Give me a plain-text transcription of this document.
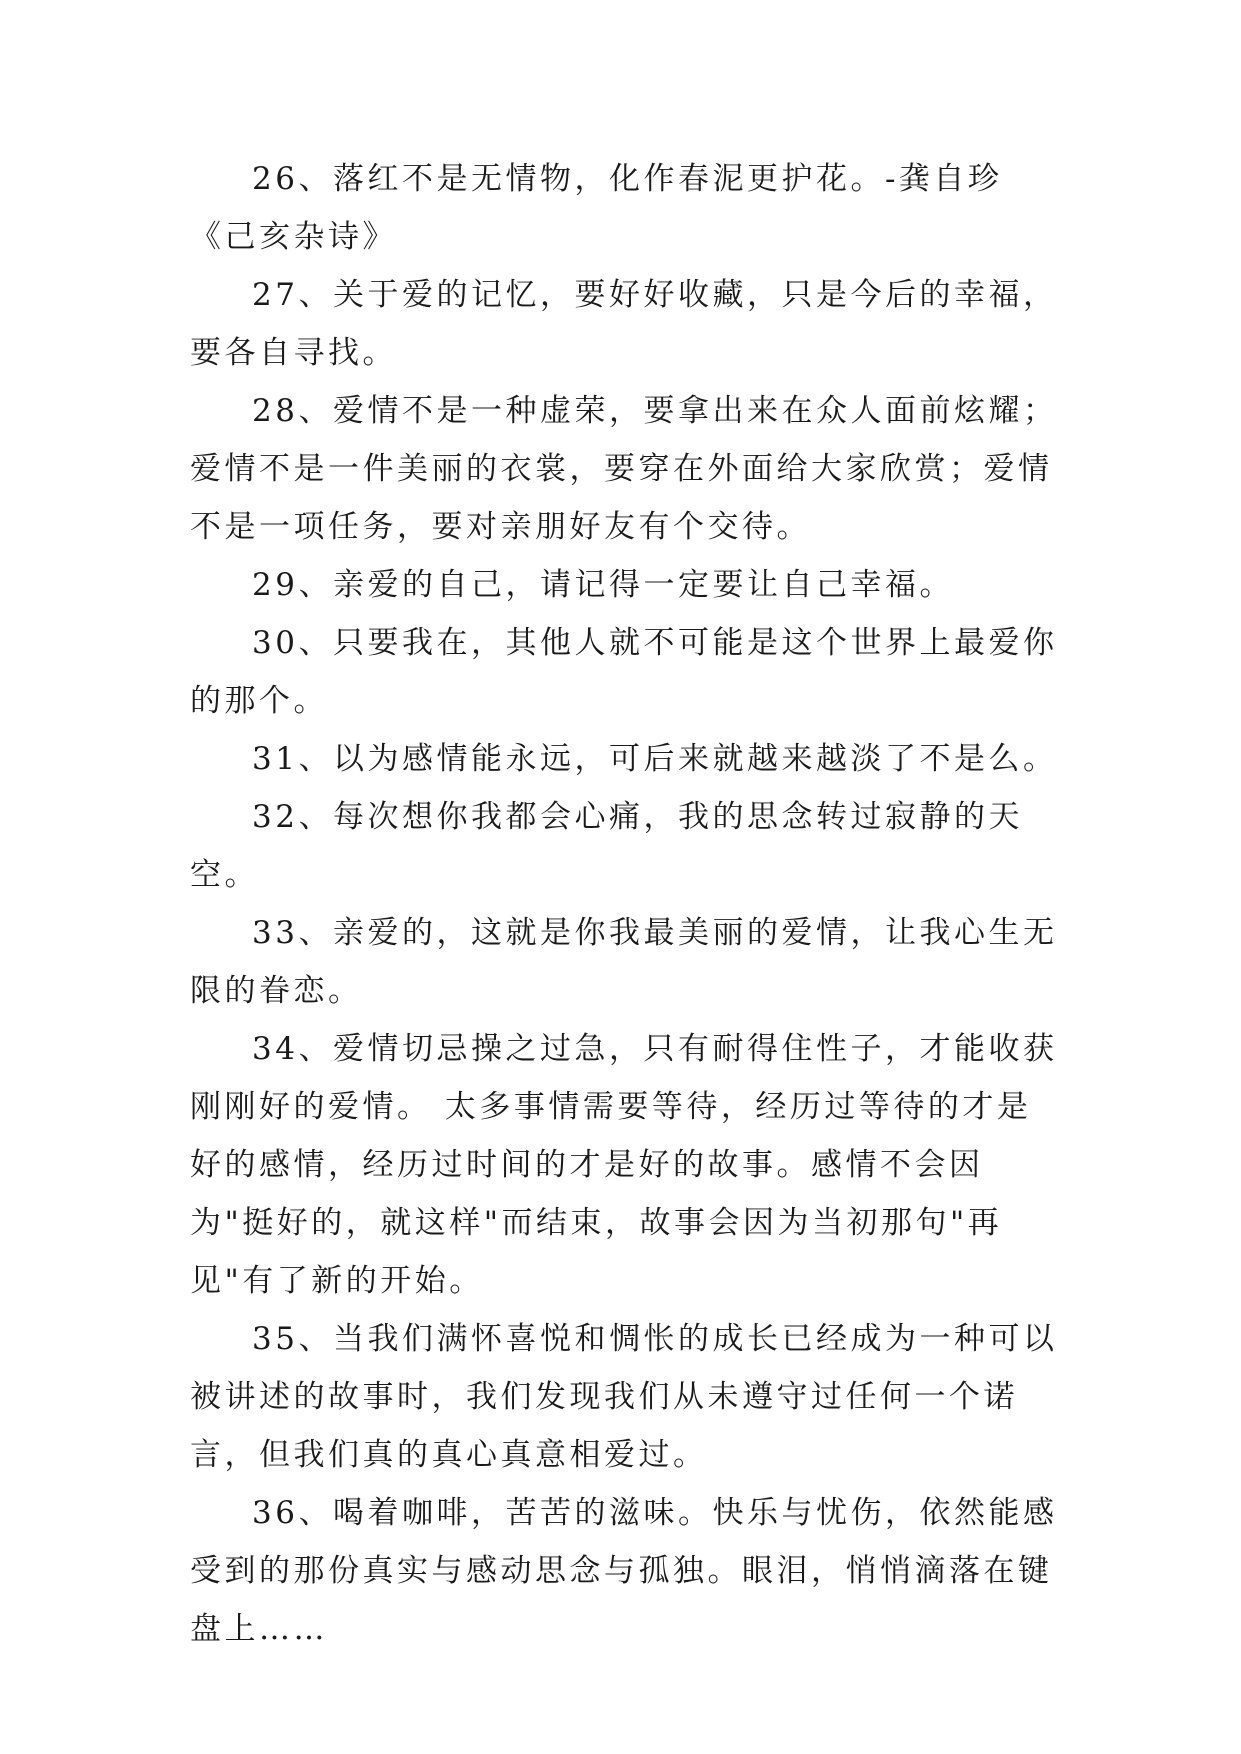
26、落红不是无情物，化作春泥更护花。-龚自珍《己亥杂诗》

27、关于爱的记忆，要好好收藏，只是今后的幸福，要各自寻找。

28、爱情不是一种虚荣，要拿出来在众人面前炫耀；爱情不是一件美丽的衣裳，要穿在外面给大家欣赏；爱情不是一项任务，要对亲朋好友有个交待。

29、亲爱的自己，请记得一定要让自己幸福。

30、只要我在，其他人就不可能是这个世界上最爱你的那个。

31、以为感情能永远，可后来就越来越淡了不是么。

32、每次想你我都会心痛，我的思念转过寂静的天空。

33、亲爱的，这就是你我最美丽的爱情，让我心生无限的眷恋。

34、爱情切忌操之过急，只有耐得住性子，才能收获刚刚好的爱情。 太多事情需要等待，经历过等待的才是好的感情，经历过时间的才是好的故事。感情不会因为"挺好的，就这样"而结束，故事会因为当初那句"再见"有了新的开始。

35、当我们满怀喜悦和惆怅的成长已经成为一种可以被讲述的故事时，我们发现我们从未遵守过任何一个诺言，但我们真的真心真意相爱过。

36、喝着咖啡，苦苦的滋味。快乐与忧伤，依然能感受到的那份真实与感动思念与孤独。眼泪，悄悄滴落在键盘上……
